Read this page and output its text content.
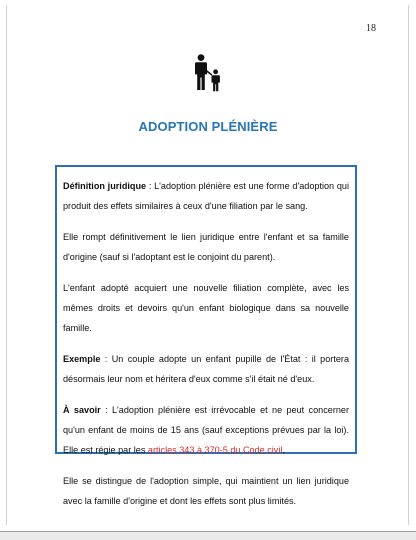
18
ADOPTION PLÉNIÈRE

Définition juridique : L'adoption plénière est une forme d'adoption qui produit des effets similaires à ceux d'une filiation par le sang.

Elle rompt définitivement le lien juridique entre l'enfant et sa famille d'origine (sauf si l'adoptant est le conjoint du parent).

L'enfant adopté acquiert une nouvelle filiation complète, avec les mêmes droits et devoirs qu'un enfant biologique dans sa nouvelle famille.

Exemple : Un couple adopte un enfant pupille de l'État : il portera désormais leur nom et héritera d'eux comme s'il était né d'eux.

À savoir : L'adoption plénière est irrévocable et ne peut concerner qu'un enfant de moins de 15 ans (sauf exceptions prévues par la loi). Elle est régie par les articles 343 à 370-5 du Code civil.

Elle se distingue de l'adoption simple, qui maintient un lien juridique avec la famille d'origine et dont les effets sont plus limités.
